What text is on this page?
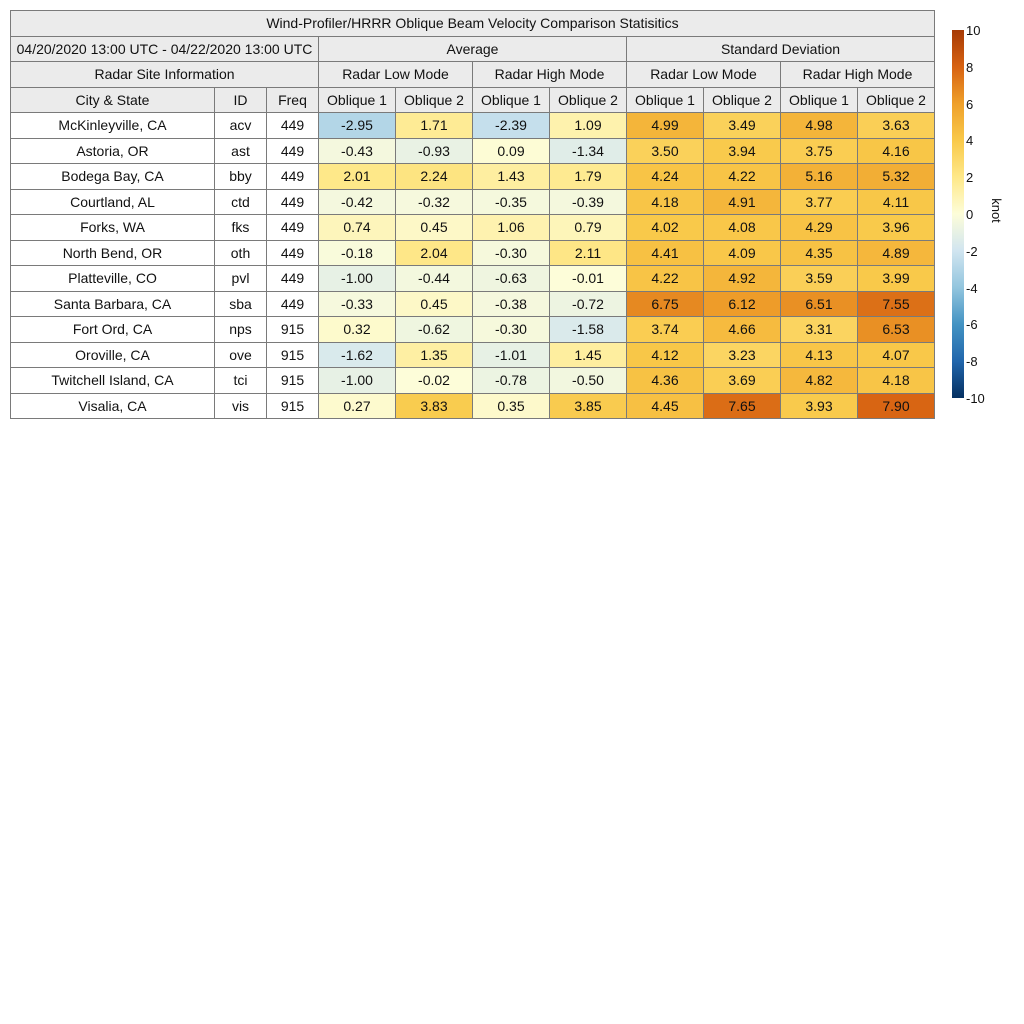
Wind-Profiler/HRRR Oblique Beam Velocity Comparison Statisitics										
04/20/2020 13:00 UTC - 04/22/2020 13:00 UTC			Average				Standard Deviation			
Radar Site Information			Radar Low Mode		Radar High Mode		Radar Low Mode		Radar High Mode	
City & State	ID	Freq	Oblique 1	Oblique 2	Oblique 1	Oblique 2	Oblique 1	Oblique 2	Oblique 1	Oblique 2
McKinleyville, CA	acv	449	-2.95	1.71	-2.39	1.09	4.99	3.49	4.98	3.63
Astoria, OR	ast	449	-0.43	-0.93	0.09	-1.34	3.50	3.94	3.75	4.16
Bodega Bay, CA	bby	449	2.01	2.24	1.43	1.79	4.24	4.22	5.16	5.32
Courtland, AL	ctd	449	-0.42	-0.32	-0.35	-0.39	4.18	4.91	3.77	4.11
Forks, WA	fks	449	0.74	0.45	1.06	0.79	4.02	4.08	4.29	3.96
North Bend, OR	oth	449	-0.18	2.04	-0.30	2.11	4.41	4.09	4.35	4.89
Platteville, CO	pvl	449	-1.00	-0.44	-0.63	-0.01	4.22	4.92	3.59	3.99
Santa Barbara, CA	sba	449	-0.33	0.45	-0.38	-0.72	6.75	6.12	6.51	7.55
Fort Ord, CA	nps	915	0.32	-0.62	-0.30	-1.58	3.74	4.66	3.31	6.53
Oroville, CA	ove	915	-1.62	1.35	-1.01	1.45	4.12	3.23	4.13	4.07
Twitchell Island, CA	tci	915	-1.00	-0.02	-0.78	-0.50	4.36	3.69	4.82	4.18
Visalia, CA	vis	915	0.27	3.83	0.35	3.85	4.45	7.65	3.93	7.90
10
8
6
4
2
0
-2
-4
-6
-8
-10
knot
